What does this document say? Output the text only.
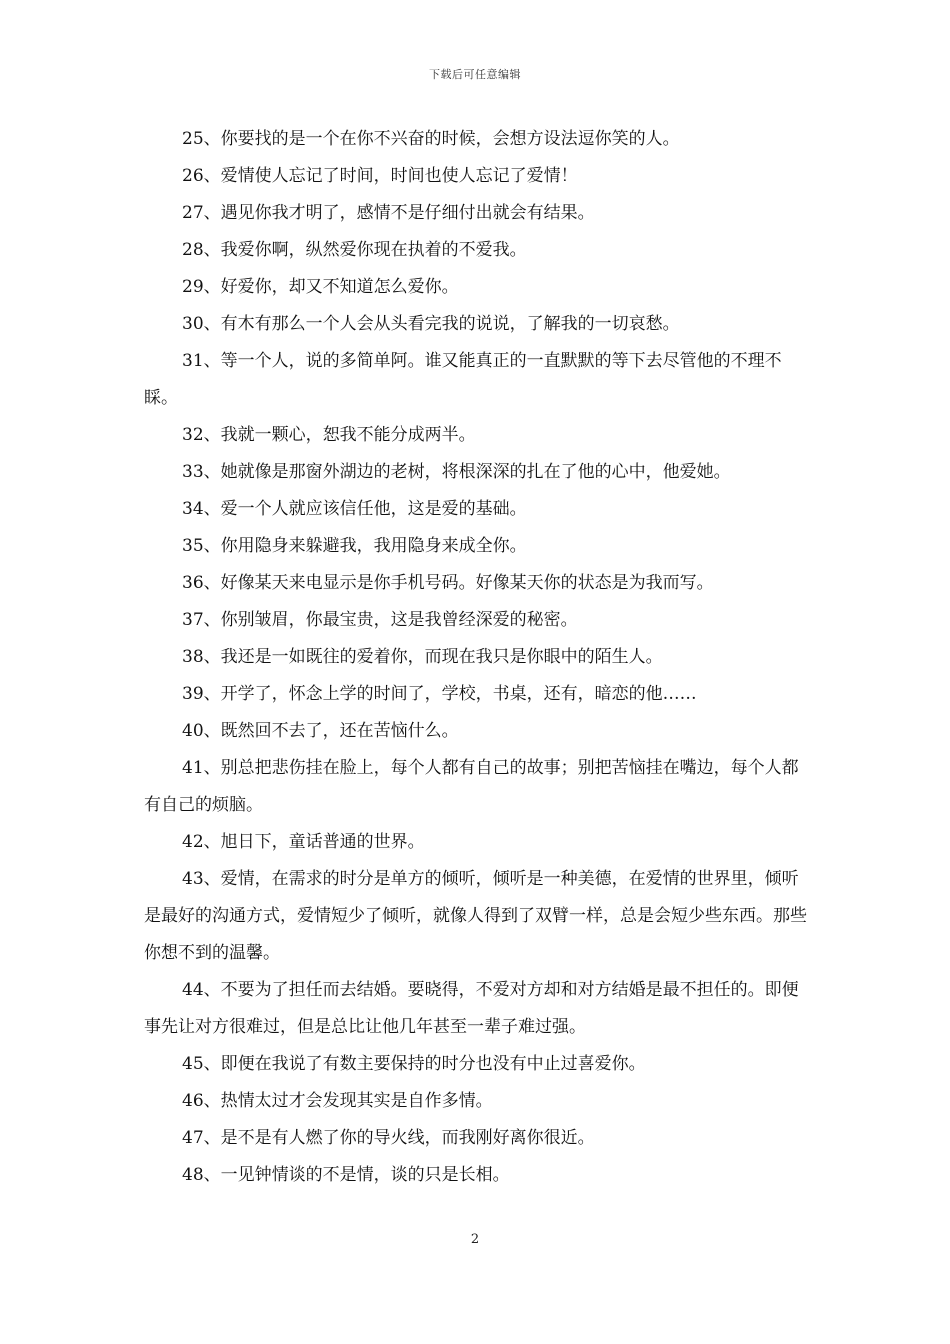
下载后可任意编辑

25、你要找的是一个在你不兴奋的时候，会想方设法逗你笑的人。

26、爱情使人忘记了时间，时间也使人忘记了爱情！

27、遇见你我才明了，感情不是仔细付出就会有结果。

28、我爱你啊，纵然爱你现在执着的不爱我。

29、好爱你，却又不知道怎么爱你。

30、有木有那么一个人会从头看完我的说说，了解我的一切哀愁。

31、等一个人，说的多简单阿。谁又能真正的一直默默的等下去尽管他的不理不睬。

32、我就一颗心，恕我不能分成两半。

33、她就像是那窗外湖边的老树，将根深深的扎在了他的心中，他爱她。

34、爱一个人就应该信任他，这是爱的基础。

35、你用隐身来躲避我，我用隐身来成全你。

36、好像某天来电显示是你手机号码。好像某天你的状态是为我而写。

37、你别皱眉，你最宝贵，这是我曾经深爱的秘密。

38、我还是一如既往的爱着你，而现在我只是你眼中的陌生人。

39、开学了，怀念上学的时间了，学校，书桌，还有，暗恋的他……

40、既然回不去了，还在苦恼什么。

41、别总把悲伤挂在脸上，每个人都有自己的故事；别把苦恼挂在嘴边，每个人都有自己的烦脑。

42、旭日下，童话普通的世界。

43、爱情，在需求的时分是单方的倾听，倾听是一种美德，在爱情的世界里，倾听是最好的沟通方式，爱情短少了倾听，就像人得到了双臂一样，总是会短少些东西。那些你想不到的温馨。

44、不要为了担任而去结婚。要晓得，不爱对方却和对方结婚是最不担任的。即便事先让对方很难过，但是总比让他几年甚至一辈子难过强。

45、即便在我说了有数主要保持的时分也没有中止过喜爱你。

46、热情太过才会发现其实是自作多情。

47、是不是有人燃了你的导火线，而我刚好离你很近。

48、一见钟情谈的不是情，谈的只是长相。

2
